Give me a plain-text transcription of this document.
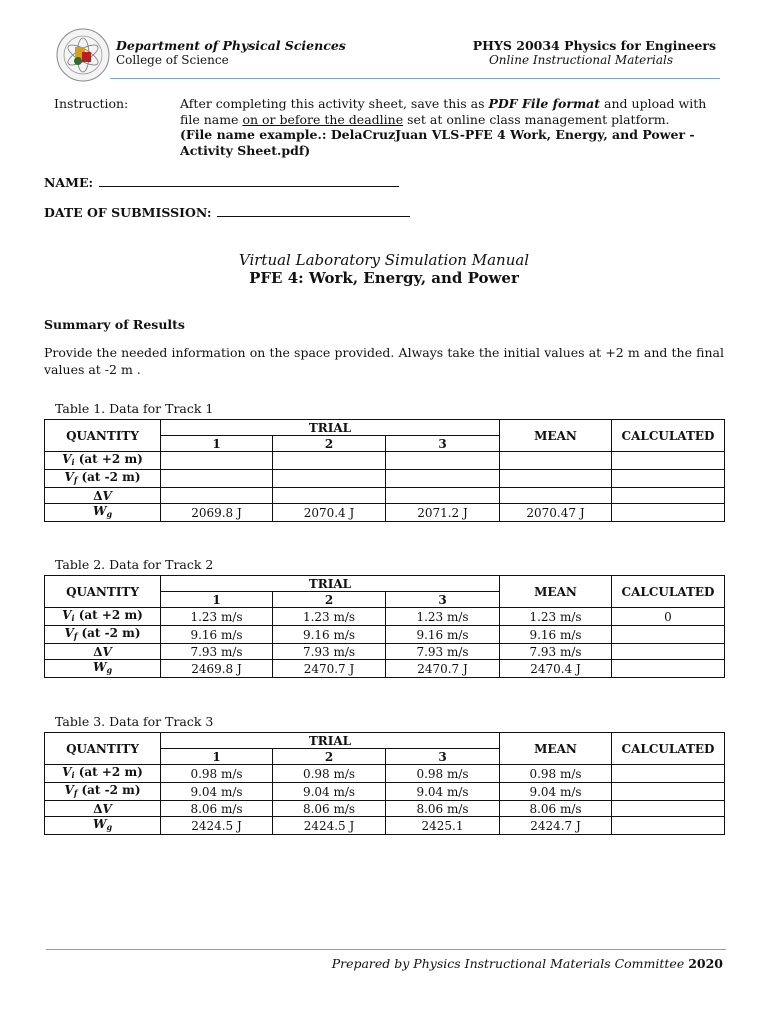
Department of Physical Sciences
College of Science
PHYS 20034 Physics for Engineers
Online Instructional Materials
Instruction:	After completing this activity sheet, save this as PDF File format and upload with file name on or before the deadline set at online class management platform.
(File name example.: DelaCruzJuan VLS-PFE 4 Work, Energy, and Power - Activity Sheet.pdf)
NAME:
DATE OF SUBMISSION:
Virtual Laboratory Simulation Manual
PFE 4: Work, Energy, and Power
Summary of Results
Provide the needed information on the space provided. Always take the initial values at +2 m and the final values at -2 m .
Table 1. Data for Track 1
Table 2. Data for Track 2
Table 3. Data for Track 3
QUANTITY	TRIAL			MEAN	CALCULATED
	1	2	3		
$V_i$ (at +2 m)					
$V_f$ (at -2 m)					
ΔV					
$W_g$	2069.8 J	2070.4 J	2071.2 J	2070.47 J	
QUANTITY	TRIAL			MEAN	CALCULATED
	1	2	3		
$V_i$ (at +2 m)	1.23 m/s	1.23 m/s	1.23 m/s	1.23 m/s	0
$V_f$ (at -2 m)	9.16 m/s	9.16 m/s	9.16 m/s	9.16 m/s	
ΔV	7.93 m/s	7.93 m/s	7.93 m/s	7.93 m/s	
$W_g$	2469.8 J	2470.7 J	2470.7 J	2470.4 J	
QUANTITY	TRIAL			MEAN	CALCULATED
	1	2	3		
$V_i$ (at +2 m)	0.98 m/s	0.98 m/s	0.98 m/s	0.98 m/s	
$V_f$ (at -2 m)	9.04 m/s	9.04 m/s	9.04 m/s	9.04 m/s	
ΔV	8.06 m/s	8.06 m/s	8.06 m/s	8.06 m/s	
$W_g$	2424.5 J	2424.5 J	2425.1	2424.7 J	
Prepared by Physics Instructional Materials Committee 2020
